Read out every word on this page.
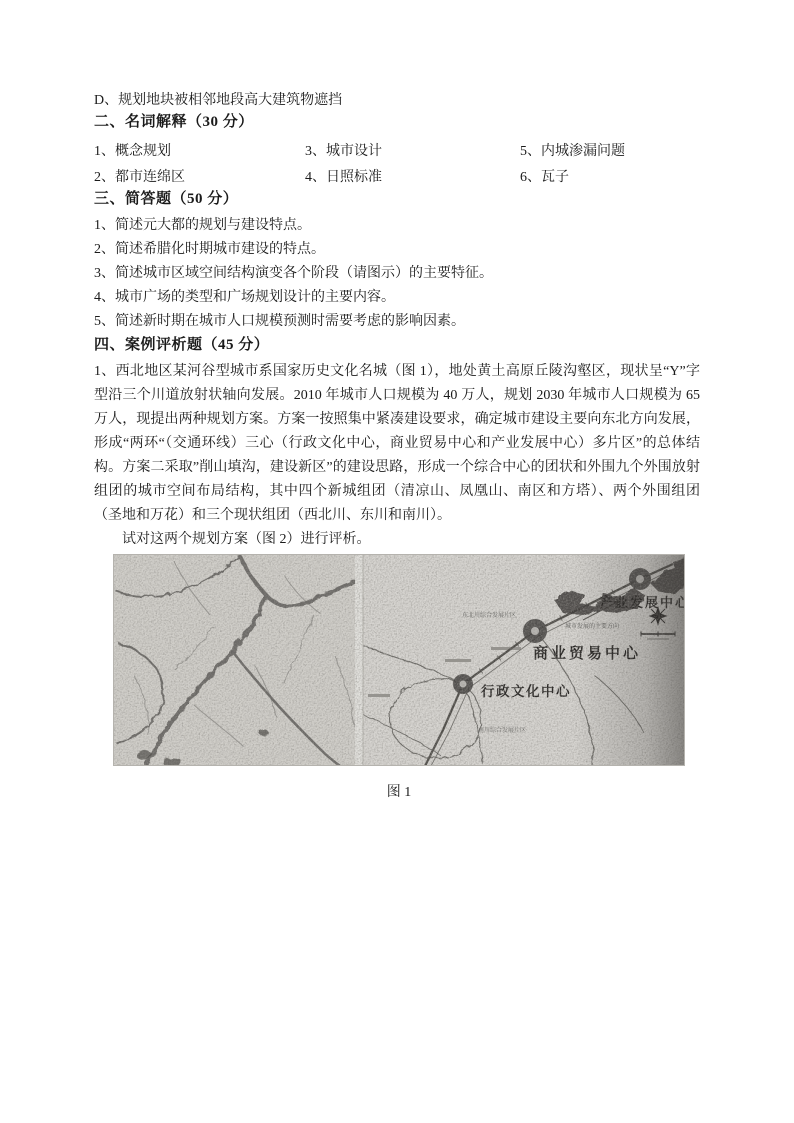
D、规划地块被相邻地段高大建筑物遮挡

二、名词解释（30 分）
1、概念规划	3、城市设计	5、内城渗漏问题
2、都市连绵区	4、日照标准	6、瓦子
三、简答题（50 分）

1、简述元大都的规划与建设特点。

2、简述希腊化时期城市建设的特点。

3、简述城市区域空间结构演变各个阶段（请图示）的主要特征。

4、城市广场的类型和广场规划设计的主要内容。

5、简述新时期在城市人口规模预测时需要考虑的影响因素。

四、案例评析题（45 分）

1、西北地区某河谷型城市系国家历史文化名城（图 1），地处黄土高原丘陵沟壑区，现状呈“Y”字型沿三个川道放射状轴向发展。2010 年城市人口规模为 40 万人，规划 2030 年城市人口规模为 65 万人，现提出两种规划方案。方案一按照集中紧凑建设要求，确定城市建设主要向东北方向发展，形成“两环“（交通环线）三心（行政文化中心，商业贸易中心和产业发展中心）多片区”的总体结构。方案二采取”削山填沟，建设新区”的建设思路，形成一个综合中心的团状和外围九个外围放射组团的城市空间布局结构，其中四个新城组团（清凉山、凤凰山、南区和方塔）、两个外围组团（圣地和万花）和三个现状组团（西北川、东川和南川）。

试对这两个规划方案（图 2）进行评析。

图 1
